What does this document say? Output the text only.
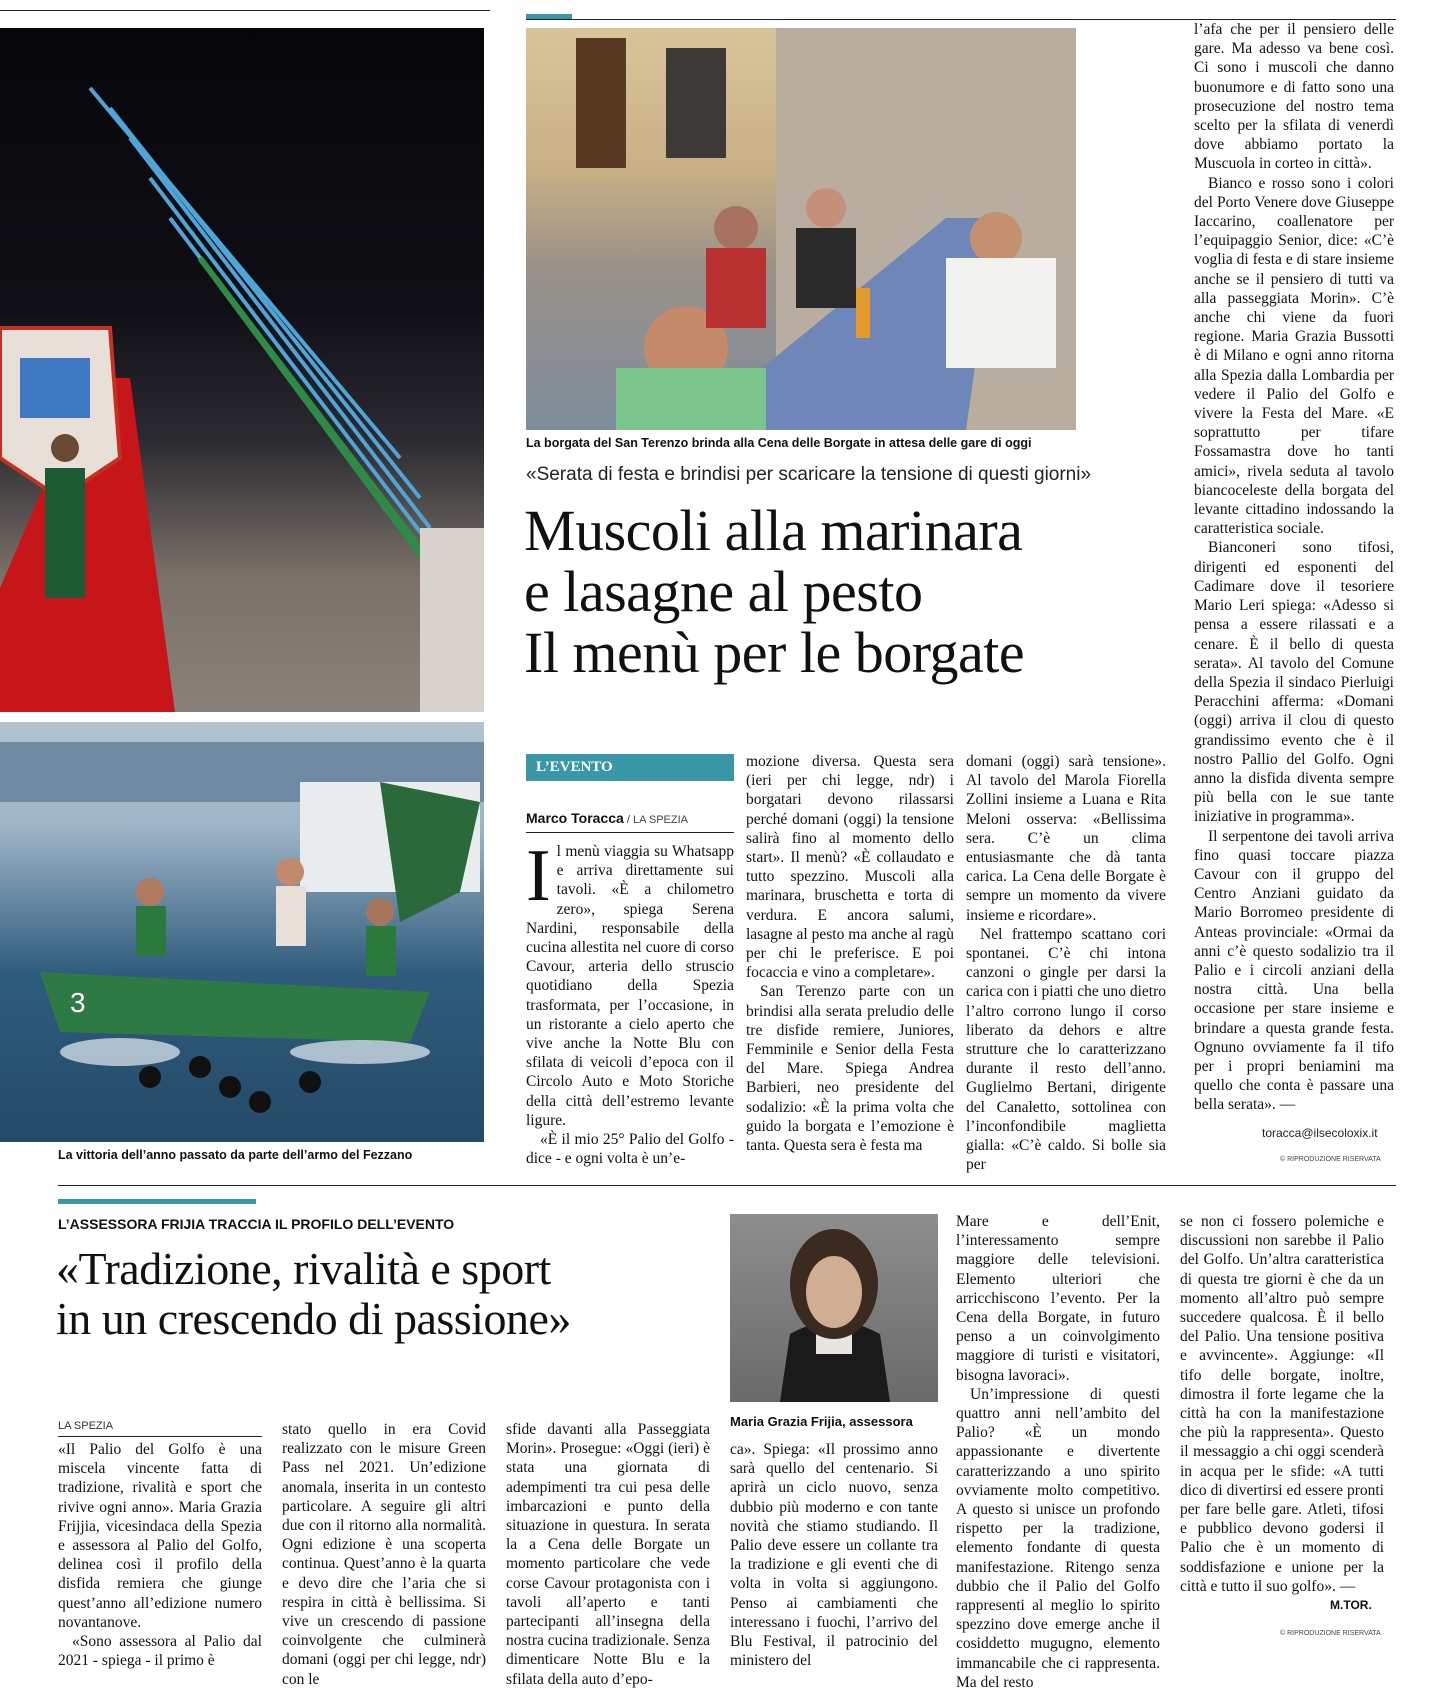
La borgata del San Terenzo brinda alla Cena delle Borgate in attesa delle gare di oggi
3
La vittoria dell’anno passato da parte dell’armo del Fezzano
«Serata di festa e brindisi per scaricare la tensione di questi giorni»
Muscoli alla marinara
e lasagne al pesto
Il menù per le borgate
L’EVENTO
Marco Toracca / LA SPEZIA

Il menù viaggia su Whatsapp e arriva direttamente sui tavoli. «È a chilometro zero», spiega Serena Nardini, responsabile della cucina allestita nel cuore di corso Cavour, arteria dello struscio quotidiano della Spezia trasformata, per l’occasione, in un ristorante a cielo aperto che vive anche la Notte Blu con sfilata di veicoli d’epoca con il Circolo Auto e Moto Storiche della città dell’estremo levante ligure.

«È il mio 25° Palio del Golfo - dice - e ogni volta è un’e-

mozione diversa. Questa sera (ieri per chi legge, ndr) i borgatari devono rilassarsi perché domani (oggi) la tensione salirà fino al momento dello start». Il menù? «È collaudato e tutto spezzino. Muscoli alla marinara, bruschetta e torta di verdura. E ancora salumi, lasagne al pesto ma anche al ragù per chi le preferisce. E poi focaccia e vino a completare».

San Terenzo parte con un brindisi alla serata preludio delle tre disfide remiere, Juniores, Femminile e Senior della Festa del Mare. Spiega Andrea Barbieri, neo presidente del sodalizio: «È la prima volta che guido la borgata e l’emozione è tanta. Questa sera è festa ma

domani (oggi) sarà tensione». Al tavolo del Marola Fiorella Zollini insieme a Luana e Rita Meloni osserva: «Bellissima sera. C’è un clima entusiasmante che dà tanta carica. La Cena delle Borgate è sempre un momento da vivere insieme e ricordare».

Nel frattempo scattano cori spontanei. C’è chi intona canzoni o gingle per darsi la carica con i piatti che uno dietro l’altro corrono lungo il corso liberato da dehors e altre strutture che lo caratterizzano durante il resto dell’anno. Guglielmo Bertani, dirigente del Canaletto, sottolinea con l’inconfondibile maglietta gialla: «C’è caldo. Si bolle sia per

l’afa che per il pensiero delle gare. Ma adesso va bene così. Ci sono i muscoli che danno buonumore e di fatto sono una prosecuzione del nostro tema scelto per la sfilata di venerdì dove abbiamo portato la Muscuola in corteo in città».

Bianco e rosso sono i colori del Porto Venere dove Giuseppe Iaccarino, coallenatore per l’equipaggio Senior, dice: «C’è voglia di festa e di stare insieme anche se il pensiero di tutti va alla passeggiata Morin». C’è anche chi viene da fuori regione. Maria Grazia Bussotti è di Milano e ogni anno ritorna alla Spezia dalla Lombardia per vedere il Palio del Golfo e vivere la Festa del Mare. «E soprattutto per tifare Fossamastra dove ho tanti amici», rivela seduta al tavolo biancoceleste della borgata del levante cittadino indossando la caratteristica sociale.

Bianconeri sono tifosi, dirigenti ed esponenti del Cadimare dove il tesoriere Mario Leri spiega: «Adesso si pensa a essere rilassati e a cenare. È il bello di questa serata». Al tavolo del Comune della Spezia il sindaco Pierluigi Peracchini afferma: «Domani (oggi) arriva il clou di questo grandissimo evento che è il nostro Pallio del Golfo. Ogni anno la disfida diventa sempre più bella con le sue tante iniziative in programma».

Il serpentone dei tavoli arriva fino quasi toccare piazza Cavour con il gruppo del Centro Anziani guidato da Mario Borromeo presidente di Anteas provinciale: «Ormai da anni c’è questo sodalizio tra il Palio e i circoli anziani della nostra città. Una bella occasione per stare insieme e brindare a questa grande festa. Ognuno ovviamente fa il tifo per i propri beniamini ma quello che conta è passare una bella serata». —

toracca@ilsecoloxix.it
© RIPRODUZIONE RISERVATA
L’ASSESSORA FRIJIA TRACCIA IL PROFILO DELL’EVENTO
«Tradizione, rivalità e sport
in un crescendo di passione»
Maria Grazia Frijia, assessora
LA SPEZIA

«Il Palio del Golfo è una miscela vincente fatta di tradizione, rivalità e sport che rivive ogni anno». Maria Grazia Frijjia, vicesindaca della Spezia e assessora al Palio del Golfo, delinea così il profilo della disfida remiera che giunge quest’anno all’edizione numero novantanove.

«Sono assessora al Palio dal 2021 - spiega - il primo è

stato quello in era Covid realizzato con le misure Green Pass nel 2021. Un’edizione anomala, inserita in un contesto particolare. A seguire gli altri due con il ritorno alla normalità. Ogni edizione è una scoperta continua. Quest’anno è la quarta e devo dire che l’aria che si respira in città è bellissima. Si vive un crescendo di passione coinvolgente che culminerà domani (oggi per chi legge, ndr) con le

sfide davanti alla Passeggiata Morin». Prosegue: «Oggi (ieri) è stata una giornata di adempimenti tra cui pesa delle imbarcazioni e punto della situazione in questura. In serata la a Cena delle Borgate un momento particolare che vede corse Cavour protagonista con i tavoli all’aperto e tanti partecipanti all’insegna della nostra cucina tradizionale. Senza dimenticare Notte Blu e la sfilata della auto d’epo-

ca». Spiega: «Il prossimo anno sarà quello del centenario. Si aprirà un ciclo nuovo, senza dubbio più moderno e con tante novità che stiamo studiando. Il Palio deve essere un collante tra la tradizione e gli eventi che di volta in volta si aggiungono. Penso ai cambiamenti che interessano i fuochi, l’arrivo del Blu Festival, il patrocinio del ministero del

Mare e dell’Enit, l’interessamento sempre maggiore delle televisioni. Elemento ulteriori che arricchiscono l’evento. Per la Cena della Borgate, in futuro penso a un coinvolgimento maggiore di turisti e visitatori, bisogna lavoraci».

Un’impressione di questi quattro anni nell’ambito del Palio? «È un mondo appassionante e divertente caratterizzando a uno spirito ovviamente molto competitivo. A questo si unisce un profondo rispetto per la tradizione, elemento fondante di questa manifestazione. Ritengo senza dubbio che il Palio del Golfo rappresenti al meglio lo spirito spezzino dove emerge anche il cosiddetto mugugno, elemento immancabile che ci rappresenta. Ma del resto

se non ci fossero polemiche e discussioni non sarebbe il Palio del Golfo. Un’altra caratteristica di questa tre giorni è che da un momento all’altro può sempre succedere qualcosa. È il bello del Palio. Una tensione positiva e avvincente». Aggiunge: «Il tifo delle borgate, inoltre, dimostra il forte legame che la città ha con la manifestazione che più la rappresenta». Questo il messaggio a chi oggi scenderà in acqua per le sfide: «A tutti dico di divertirsi ed essere pronti per fare belle gare. Atleti, tifosi e pubblico devono godersi il Palio che è un momento di soddisfazione e unione per la città e tutto il suo golfo». —

M.TOR.
© RIPRODUZIONE RISERVATA
